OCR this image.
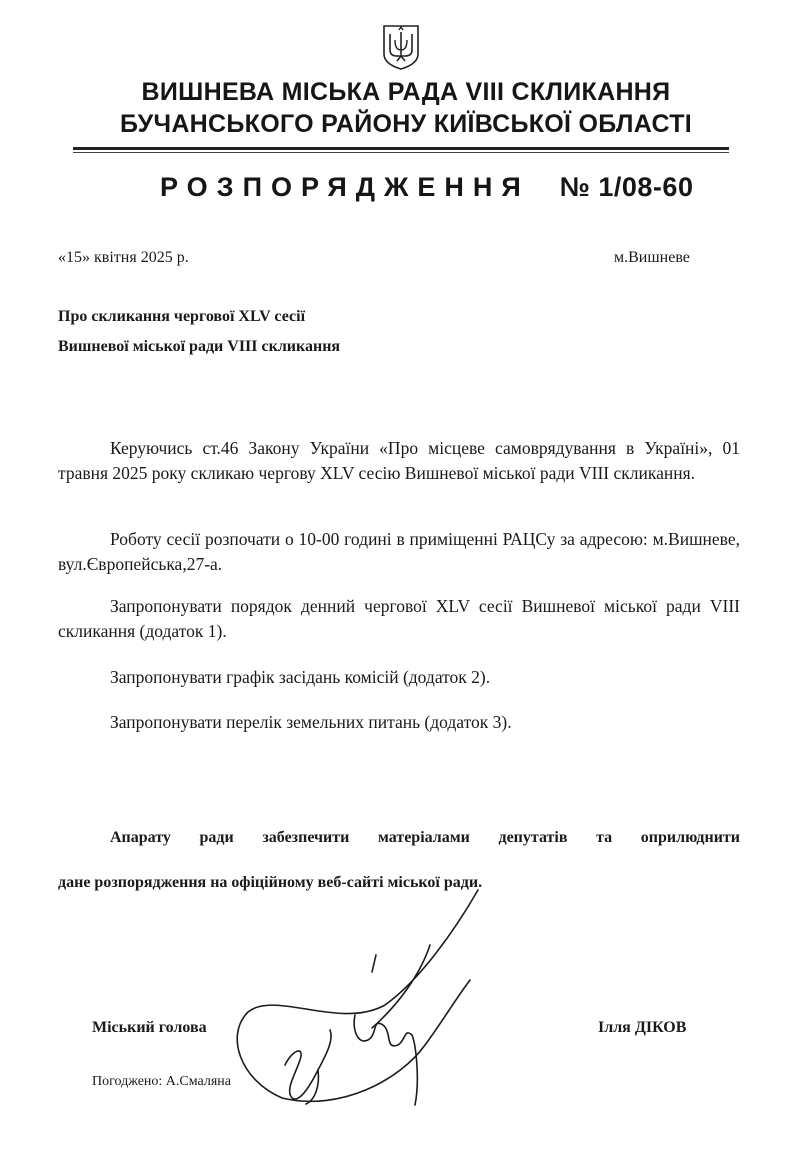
ВИШНЕВА МІСЬКА РАДА VIII СКЛИКАННЯ
БУЧАНСЬКОГО РАЙОНУ КИЇВСЬКОЇ ОБЛАСТІ
РОЗПОРЯДЖЕННЯ № 1/08-60
«15» квітня 2025 р.	м.Вишневе
Про скликання чергової XLV сесії
Вишневої міської ради VIII скликання
Керуючись ст.46 Закону України «Про місцеве самоврядування в Україні», 01 травня 2025 року скликаю чергову XLV сесію Вишневої міської ради VIII скликання.
Роботу сесії розпочати о 10-00 годині в приміщенні РАЦСу за адресою: м.Вишневе, вул.Європейська,27-а.
Запропонувати порядок денний чергової XLV сесії Вишневої міської ради VIII скликання (додаток 1).
Запропонувати графік засідань комісій (додаток 2).
Запропонувати перелік земельних питань (додаток 3).
Апарату ради забезпечити матеріалами депутатів та оприлюднити
дане розпорядження на офіційному веб-сайті міської ради.
Міський голова	Ілля ДІКОВ
Погоджено: А.Смаляна
